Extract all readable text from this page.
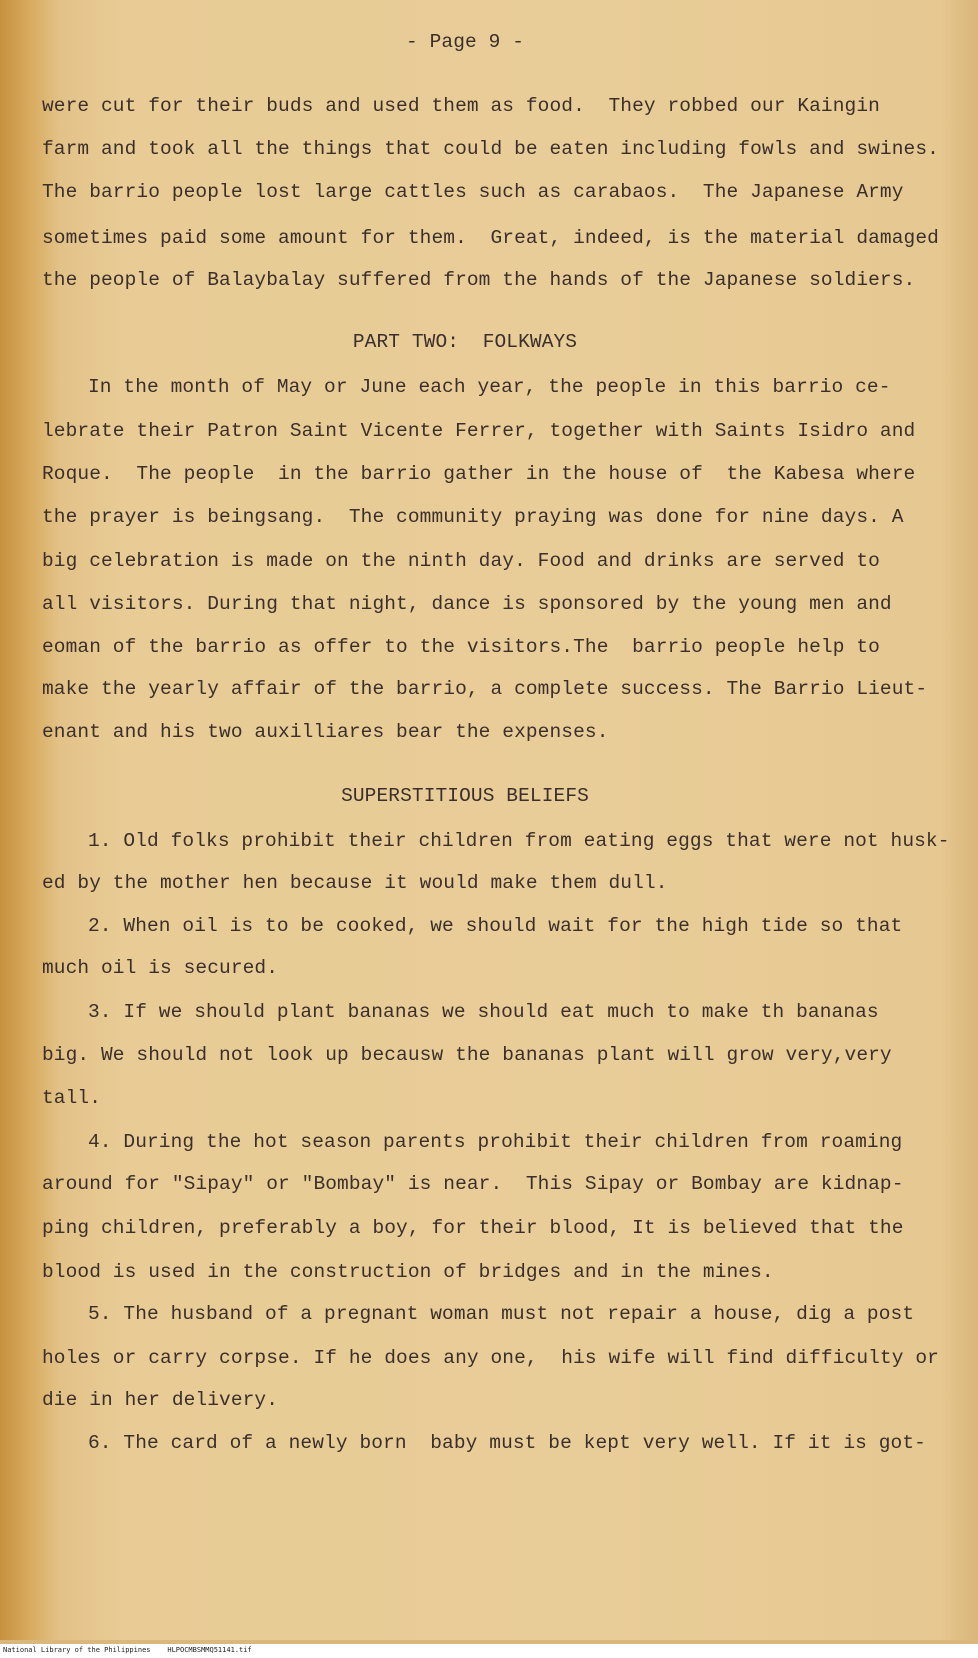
- Page 9 -

were cut for their buds and used them as food.  They robbed our Kaingin

farm and took all the things that could be eaten including fowls and swines.

The barrio people lost large cattles such as carabaos.  The Japanese Army

sometimes paid some amount for them.  Great, indeed, is the material damaged

the people of Balaybalay suffered from the hands of the Japanese soldiers.

PART TWO:  FOLKWAYS

In the month of May or June each year, the people in this barrio ce-

lebrate their Patron Saint Vicente Ferrer, together with Saints Isidro and

Roque.  The people  in the barrio gather in the house of  the Kabesa where

the prayer is beingsang.  The community praying was done for nine days. A

big celebration is made on the ninth day. Food and drinks are served to

all visitors. During that night, dance is sponsored by the young men and

eoman of the barrio as offer to the visitors.The  barrio people help to

make the yearly affair of the barrio, a complete success. The Barrio Lieut-

enant and his two auxilliares bear the expenses.

SUPERSTITIOUS BELIEFS

1. Old folks prohibit their children from eating eggs that were not husk-

ed by the mother hen because it would make them dull.

2. When oil is to be cooked, we should wait for the high tide so that

much oil is secured.

3. If we should plant bananas we should eat much to make th bananas

big. We should not look up becausw the bananas plant will grow very,very

tall.

4. During the hot season parents prohibit their children from roaming

around for "Sipay" or "Bombay" is near.  This Sipay or Bombay are kidnap-

ping children, preferably a boy, for their blood, It is believed that the

blood is used in the construction of bridges and in the mines.

5. The husband of a pregnant woman must not repair a house, dig a post

holes or carry corpse. If he does any one,  his wife will find difficulty or

die in her delivery.

6. The card of a newly born  baby must be kept very well. If it is got-

National Library of the Philippines    HLPOCMBSMMQ51141.tif
